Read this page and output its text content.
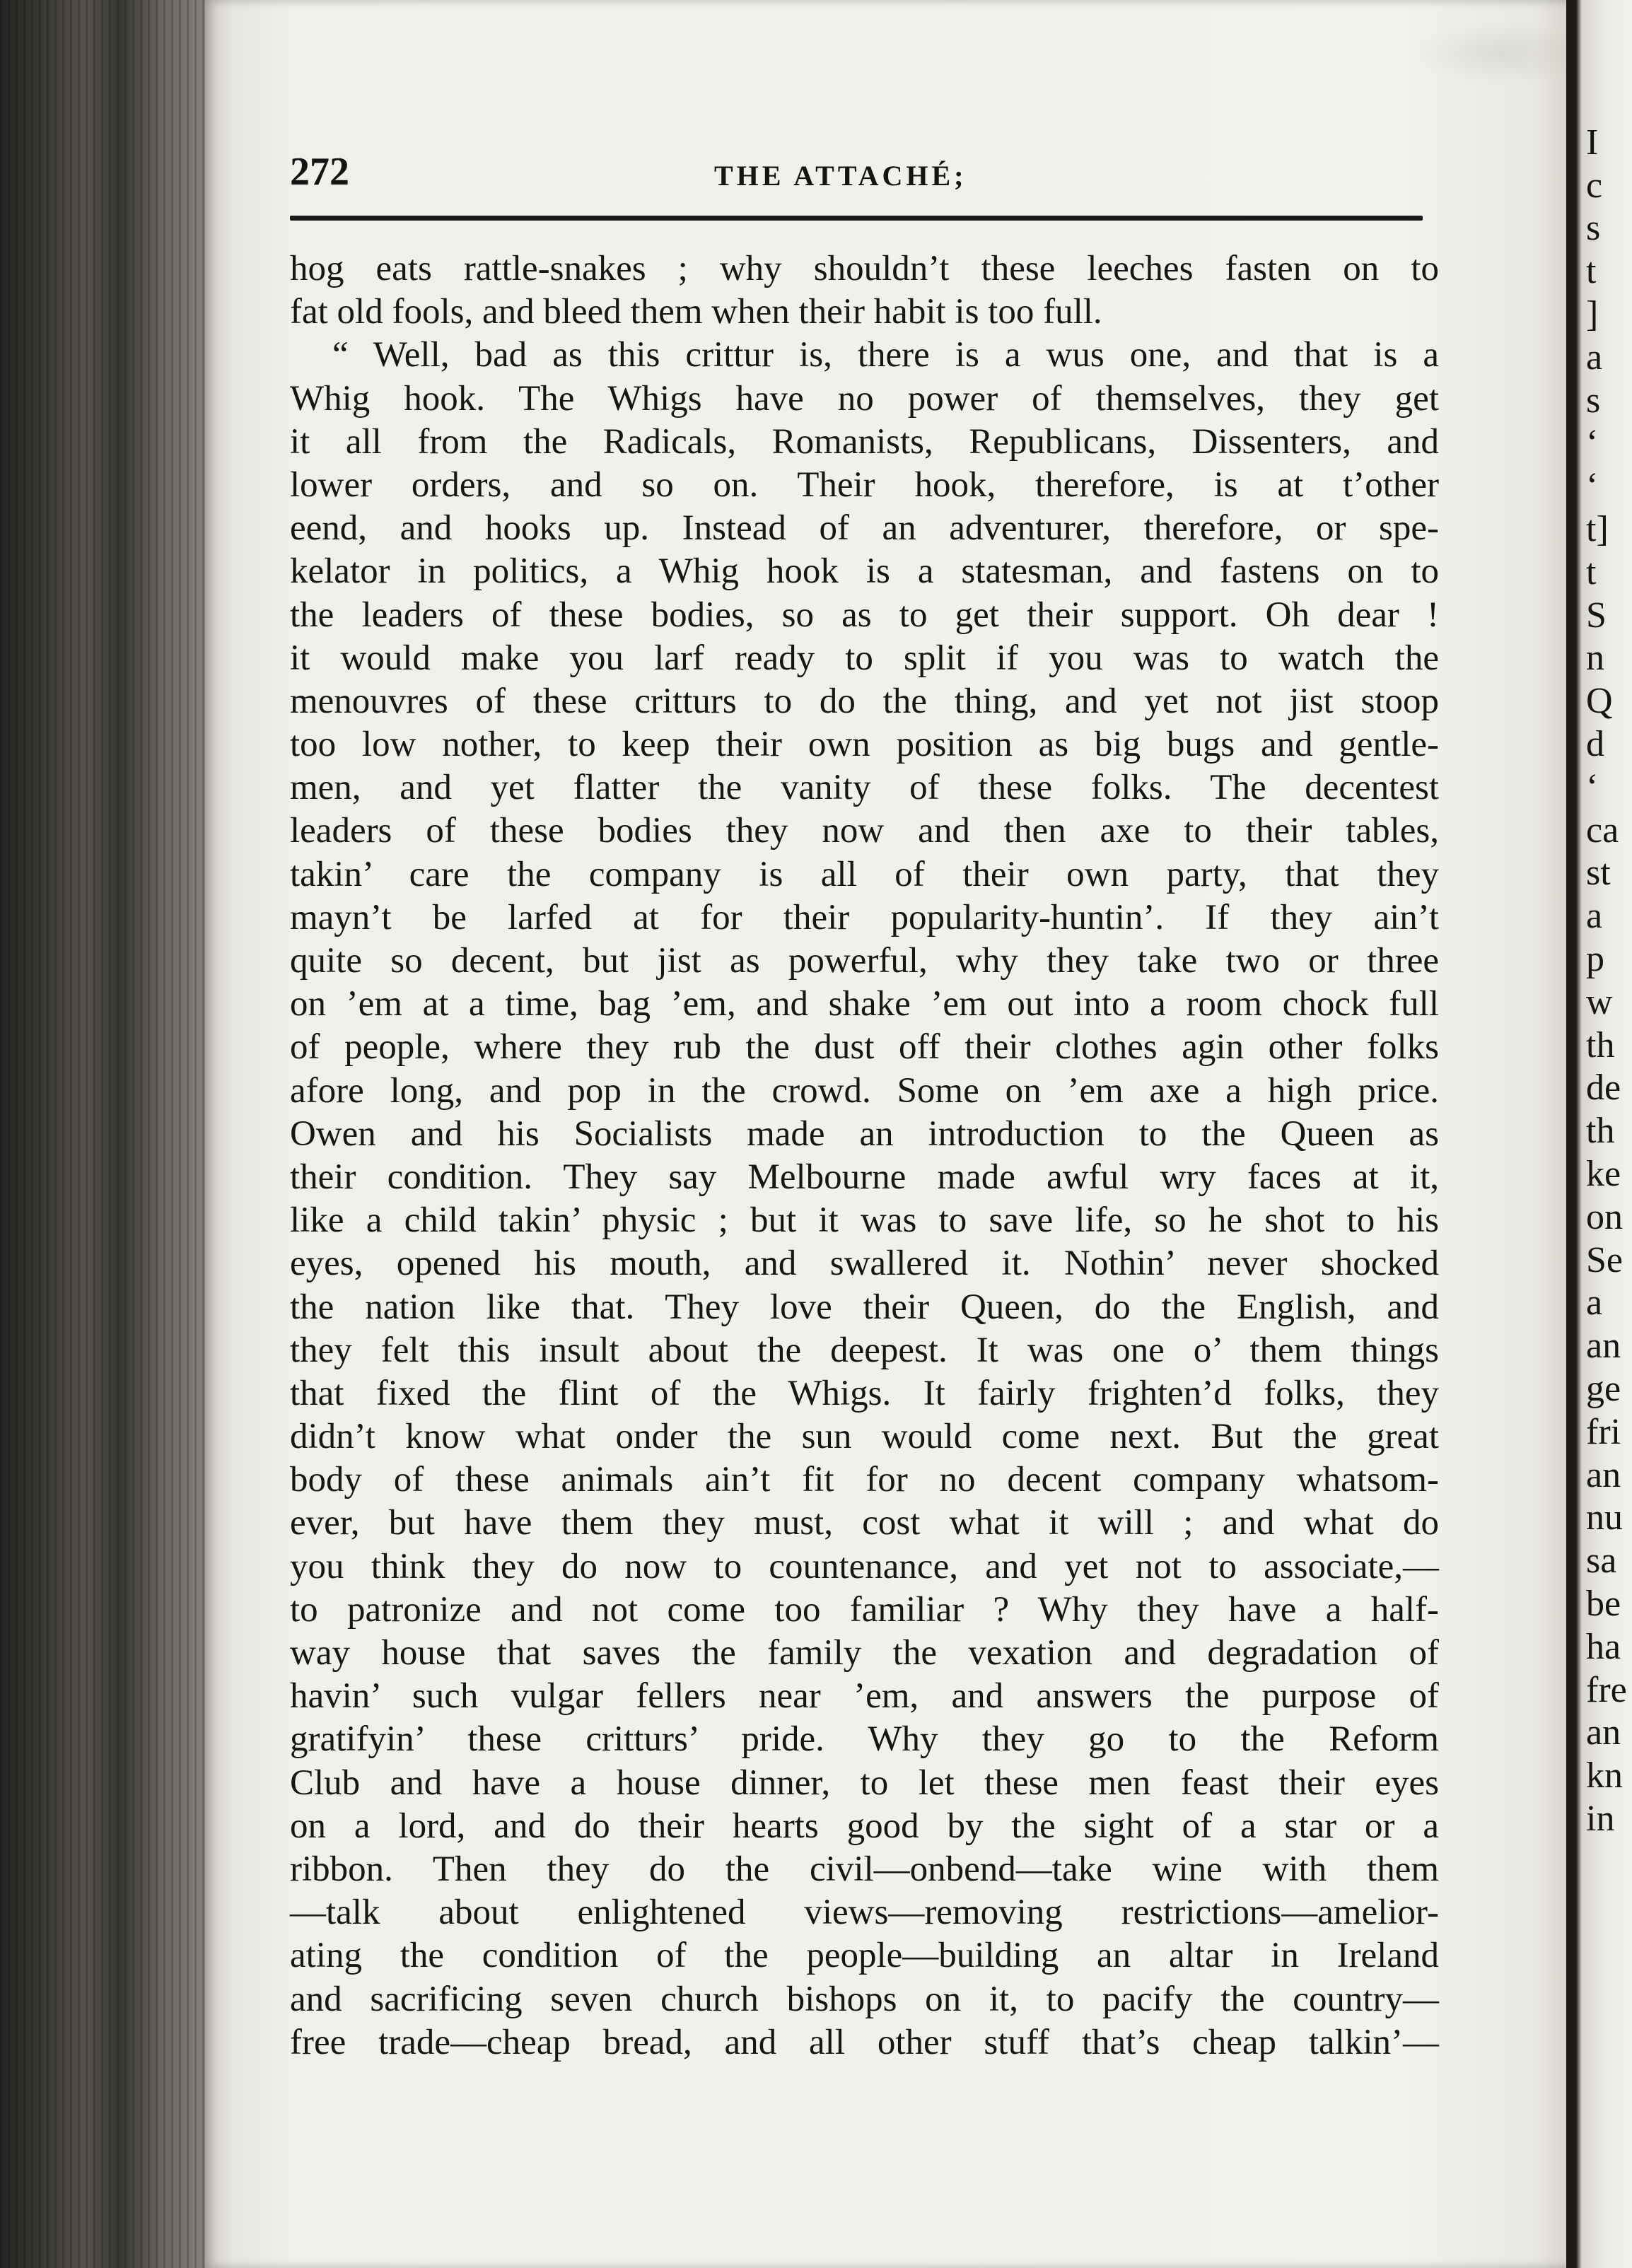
272	THE ATTACHÉ;
hog eats rattle-snakes ; why shouldn’t these leeches fasten on to
fat old fools, and bleed them when their habit is too full.
“ Well, bad as this crittur is, there is a wus one, and that is a
Whig hook. The Whigs have no power of themselves, they get
it all from the Radicals, Romanists, Republicans, Dissenters, and
lower orders, and so on. Their hook, therefore, is at t’other
eend, and hooks up. Instead of an adventurer, therefore, or spe-
kelator in politics, a Whig hook is a statesman, and fastens on to
the leaders of these bodies, so as to get their support. Oh dear !
it would make you larf ready to split if you was to watch the
menouvres of these critturs to do the thing, and yet not jist stoop
too low nother, to keep their own position as big bugs and gentle-
men, and yet flatter the vanity of these folks. The decentest
leaders of these bodies they now and then axe to their tables,
takin’ care the company is all of their own party, that they
mayn’t be larfed at for their popularity-huntin’. If they ain’t
quite so decent, but jist as powerful, why they take two or three
on ’em at a time, bag ’em, and shake ’em out into a room chock full
of people, where they rub the dust off their clothes agin other folks
afore long, and pop in the crowd. Some on ’em axe a high price.
Owen and his Socialists made an introduction to the Queen as
their condition. They say Melbourne made awful wry faces at it,
like a child takin’ physic ; but it was to save life, so he shot to his
eyes, opened his mouth, and swallered it. Nothin’ never shocked
the nation like that. They love their Queen, do the English, and
they felt this insult about the deepest. It was one o’ them things
that fixed the flint of the Whigs. It fairly frighten’d folks, they
didn’t know what onder the sun would come next. But the great
body of these animals ain’t fit for no decent company whatsom-
ever, but have them they must, cost what it will ; and what do
you think they do now to countenance, and yet not to associate,—
to patronize and not come too familiar ? Why they have a half-
way house that saves the family the vexation and degradation of
havin’ such vulgar fellers near ’em, and answers the purpose of
gratifyin’ these critturs’ pride. Why they go to the Reform
Club and have a house dinner, to let these men feast their eyes
on a lord, and do their hearts good by the sight of a star or a
ribbon. Then they do the civil—onbend—take wine with them
—talk about enlightened views—removing restrictions—amelior-
ating the condition of the people—building an altar in Ireland
and sacrificing seven church bishops on it, to pacify the country—
free trade—cheap bread, and all other stuff that’s cheap talkin’—
I
c
s
t
]
a
s
‘
‘
t]
t
S
n
Q
d
‘
ca
st
a
p
w
th
de
th
ke
on
Se
a
an
ge
fri
an
nu
sa
be
ha
fre
an
kn
in
